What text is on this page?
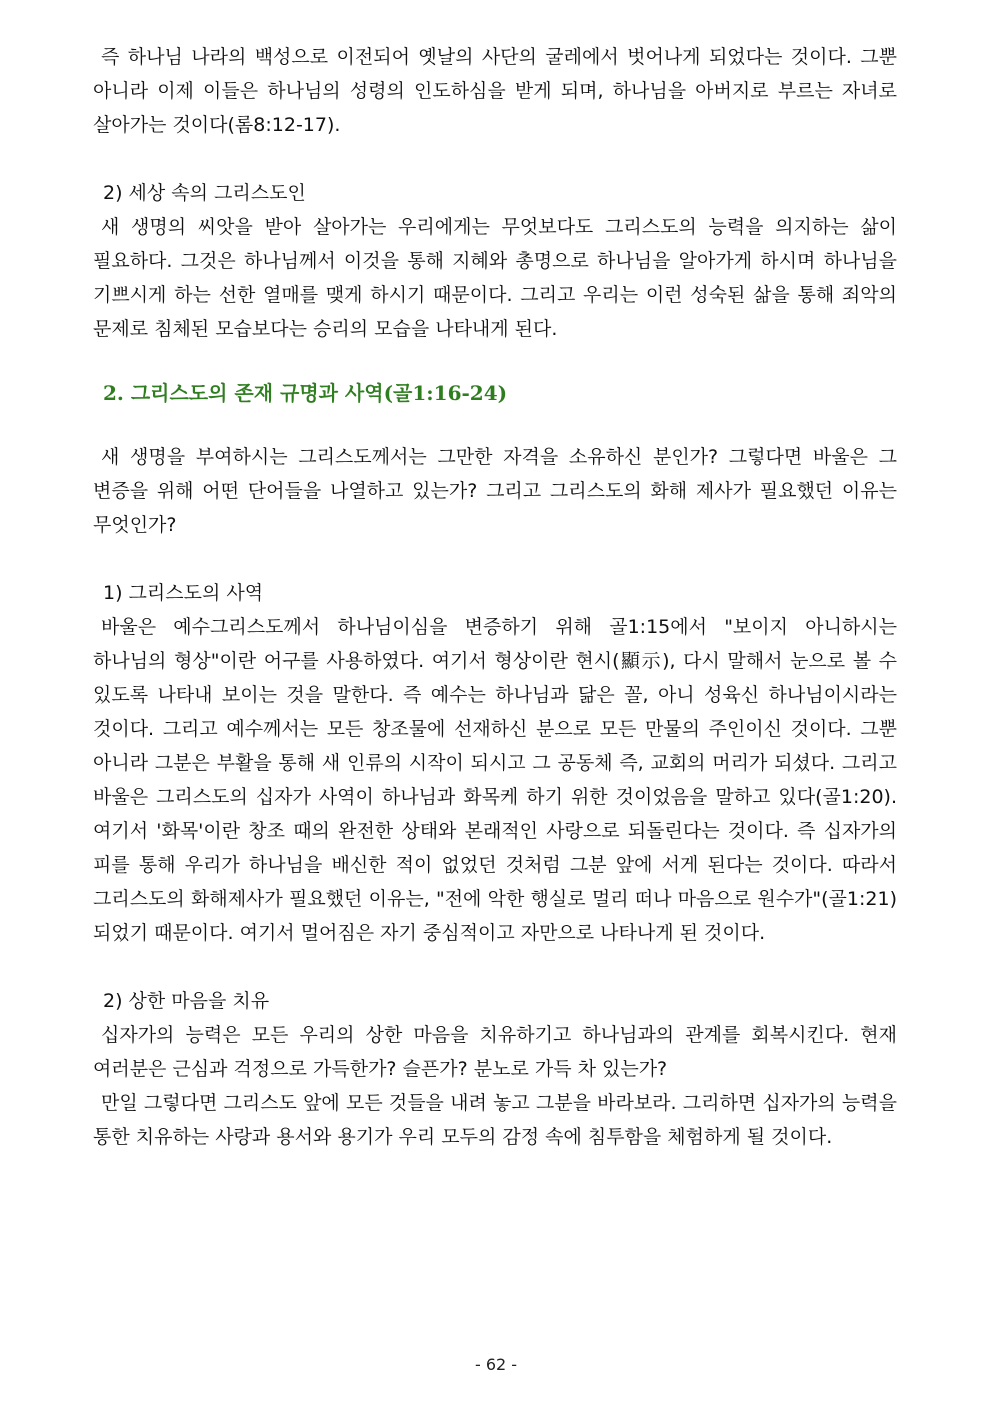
즉 하나님 나라의 백성으로 이전되어 옛날의 사단의 굴레에서 벗어나게 되었다는 것이다. 그뿐 아니라 이제 이들은 하나님의 성령의 인도하심을 받게 되며, 하나님을 아버지로 부르는 자녀로 살아가는 것이다(롬8:12-17).

2) 세상 속의 그리스도인

새 생명의 씨앗을 받아 살아가는 우리에게는 무엇보다도 그리스도의 능력을 의지하는 삶이 필요하다. 그것은 하나님께서 이것을 통해 지혜와 총명으로 하나님을 알아가게 하시며 하나님을 기쁘시게 하는 선한 열매를 맺게 하시기 때문이다. 그리고 우리는 이런 성숙된 삶을 통해 죄악의 문제로 침체된 모습보다는 승리의 모습을 나타내게 된다.

2. 그리스도의 존재 규명과 사역(골1:16-24)

새 생명을 부여하시는 그리스도께서는 그만한 자격을 소유하신 분인가? 그렇다면 바울은 그 변증을 위해 어떤 단어들을 나열하고 있는가? 그리고 그리스도의 화해 제사가 필요했던 이유는 무엇인가?

1) 그리스도의 사역

바울은 예수그리스도께서 하나님이심을 변증하기 위해 골1:15에서 "보이지 아니하시는 하나님의 형상"이란 어구를 사용하였다. 여기서 형상이란 현시(顯示), 다시 말해서 눈으로 볼 수 있도록 나타내 보이는 것을 말한다. 즉 예수는 하나님과 닮은 꼴, 아니 성육신 하나님이시라는 것이다. 그리고 예수께서는 모든 창조물에 선재하신 분으로 모든 만물의 주인이신 것이다. 그뿐 아니라 그분은 부활을 통해 새 인류의 시작이 되시고 그 공동체 즉, 교회의 머리가 되셨다. 그리고 바울은 그리스도의 십자가 사역이 하나님과 화목케 하기 위한 것이었음을 말하고 있다(골1:20). 여기서 '화목'이란 창조 때의 완전한 상태와 본래적인 사랑으로 되돌린다는 것이다. 즉 십자가의 피를 통해 우리가 하나님을 배신한 적이 없었던 것처럼 그분 앞에 서게 된다는 것이다. 따라서 그리스도의 화해제사가 필요했던 이유는, "전에 악한 행실로 멀리 떠나 마음으로 원수가"(골1:21) 되었기 때문이다. 여기서 멀어짐은 자기 중심적이고 자만으로 나타나게 된 것이다.

2) 상한 마음을 치유

십자가의 능력은 모든 우리의 상한 마음을 치유하기고 하나님과의 관계를 회복시킨다. 현재 여러분은 근심과 걱정으로 가득한가? 슬픈가? 분노로 가득 차 있는가?

만일 그렇다면 그리스도 앞에 모든 것들을 내려 놓고 그분을 바라보라. 그리하면 십자가의 능력을 통한 치유하는 사랑과 용서와 용기가 우리 모두의 감정 속에 침투함을 체험하게 될 것이다.

- 62 -
